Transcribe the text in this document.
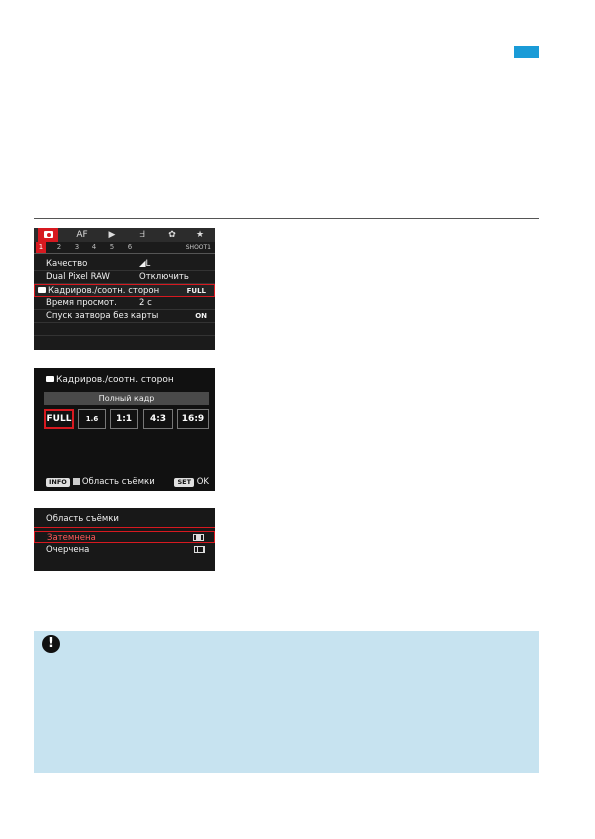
AF	▶	ᖵ	✿	★
1	2	3	4	5	6	SHOOT1
Качество	◢L
Dual Pixel RAW	Отключить
Кадриров./соотн. сторон	FULL
Время просмот.	2 с
Спуск затвора без карты	ON
Кадриров./соотн. сторон
Полный кадр
FULL	1.6	1:1	4:3	16:9
INFO Область съёмки	SET OK
Область съёмки
Затемнена
Очерчена
!
